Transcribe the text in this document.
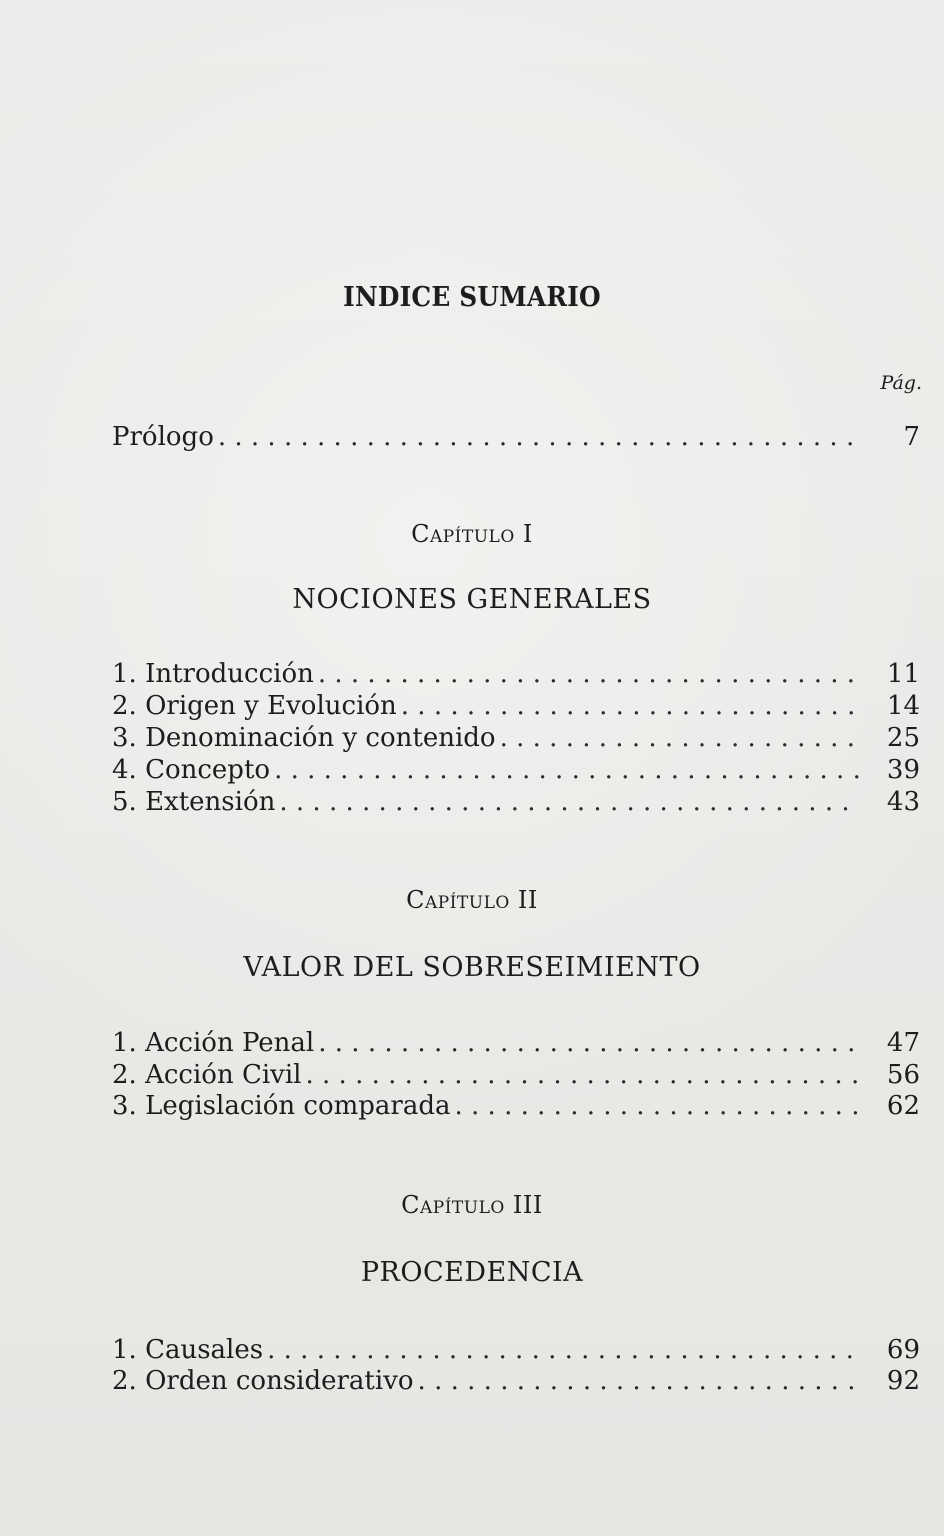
INDICE SUMARIO
Pág.
Prólogo . . .	7
Capítulo I
NOCIONES GENERALES
1. Introducción . . .	11
2. Origen y Evolución . . .	14
3. Denominación y contenido . . .	25
4. Concepto . . .	39
5. Extensión . . .	43
Capítulo II
VALOR DEL SOBRESEIMIENTO
1. Acción Penal . . .	47
2. Acción Civil . . .	56
3. Legislación comparada . . .	62
Capítulo III
PROCEDENCIA
1. Causales . . .	69
2. Orden considerativo . . .	92
